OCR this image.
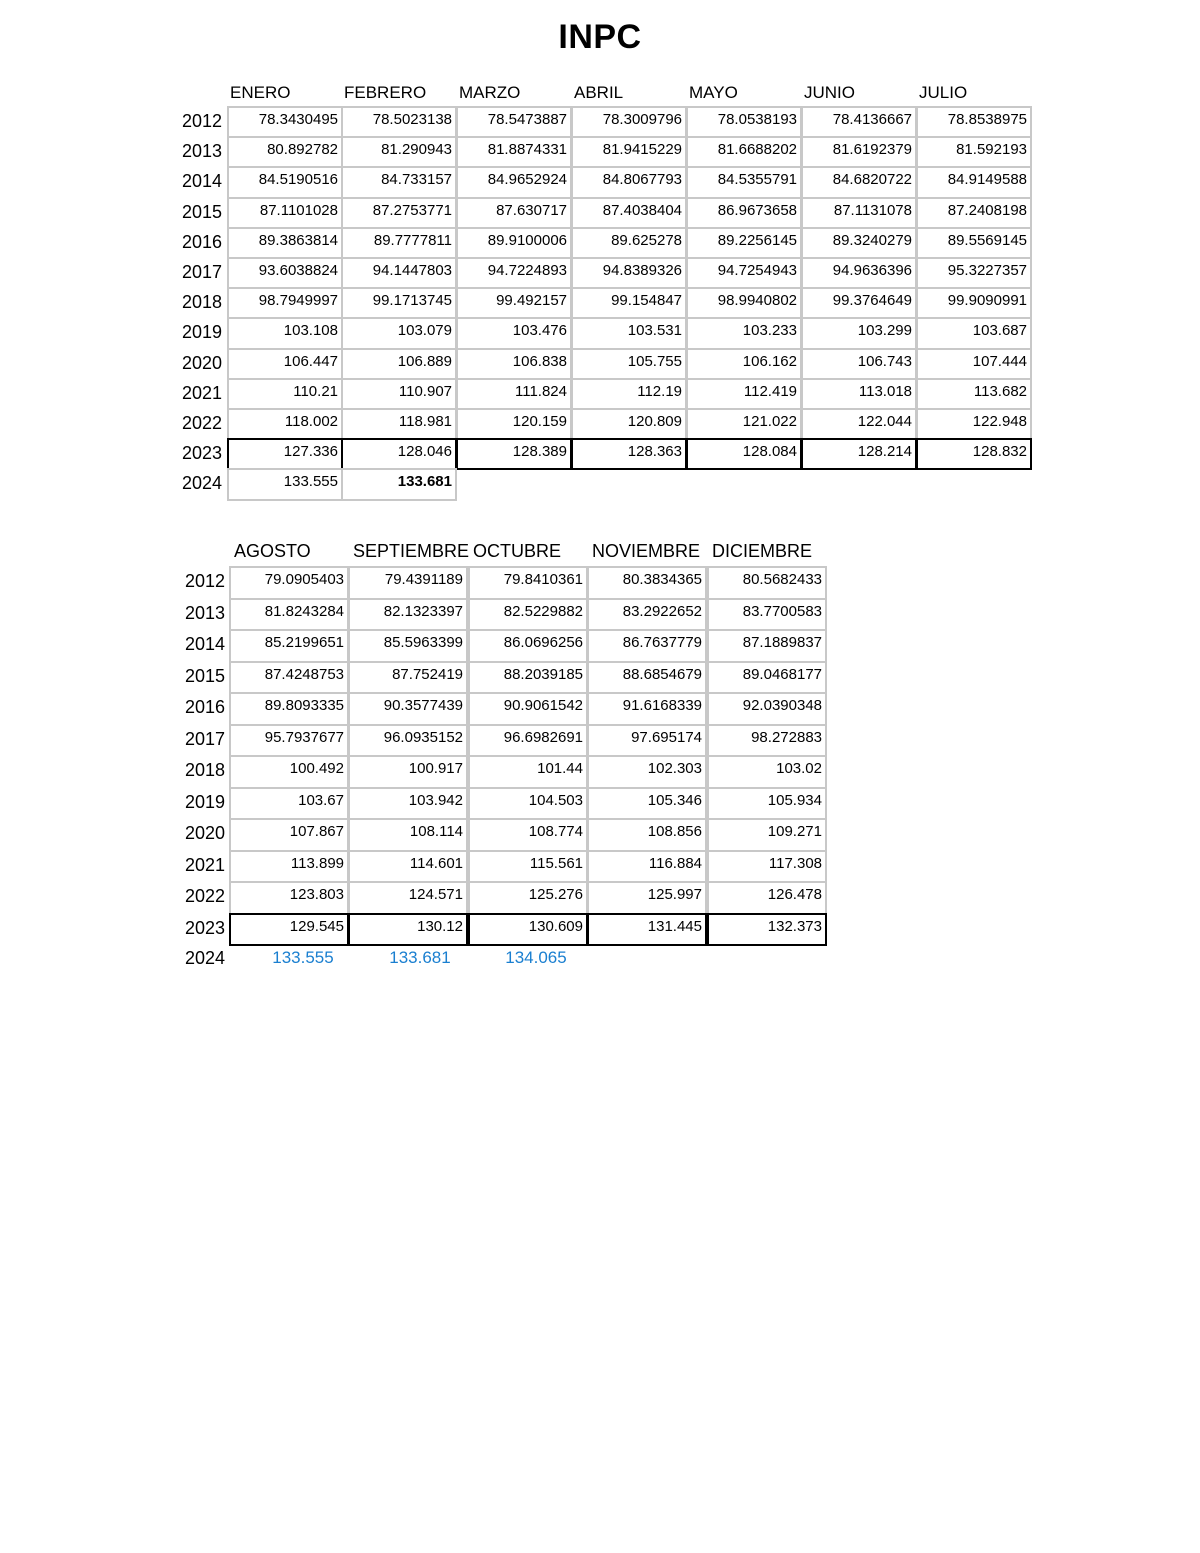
INPC
ENERO	FEBRERO MARZO	ABRIL	MAYO	JUNIO	JULIO
2012	78.3430495	78.5023138	78.5473887	78.3009796	78.0538193	78.4136667	78.8538975
2013	80.892782	81.290943	81.8874331	81.9415229	81.6688202	81.6192379	81.592193
2014	84.5190516	84.733157	84.9652924	84.8067793	84.5355791	84.6820722	84.9149588
2015	87.1101028	87.2753771	87.630717	87.4038404	86.9673658	87.1131078	87.2408198
2016	89.3863814	89.7777811	89.9100006	89.625278	89.2256145	89.3240279	89.5569145
2017	93.6038824	94.1447803	94.7224893	94.8389326	94.7254943	94.9636396	95.3227357
2018	98.7949997	99.1713745	99.492157	99.154847	98.9940802	99.3764649	99.9090991
2019	103.108	103.079	103.476	103.531	103.233	103.299	103.687
2020	106.447	106.889	106.838	105.755	106.162	106.743	107.444
2021	110.21	110.907	111.824	112.19	112.419	113.018	113.682
2022	118.002	118.981	120.159	120.809	121.022	122.044	122.948
2023	127.336	128.046	128.389	128.363	128.084	128.214	128.832
2024	133.555	133.681
AGOSTO SEPTIEMBRE OCTUBRE NOVIEMBRE DICIEMBRE
2012	79.0905403	79.4391189	79.8410361	80.3834365	80.5682433
2013	81.8243284	82.1323397	82.5229882	83.2922652	83.7700583
2014	85.2199651	85.5963399	86.0696256	86.7637779	87.1889837
2015	87.4248753	87.752419	88.2039185	88.6854679	89.0468177
2016	89.8093335	90.3577439	90.9061542	91.6168339	92.0390348
2017	95.7937677	96.0935152	96.6982691	97.695174	98.272883
2018	100.492	100.917	101.44	102.303	103.02
2019	103.67	103.942	104.503	105.346	105.934
2020	107.867	108.114	108.774	108.856	109.271
2021	113.899	114.601	115.561	116.884	117.308
2022	123.803	124.571	125.276	125.997	126.478
2023	129.545	130.12	130.609	131.445	132.373
2024	133.555	133.681	134.065
